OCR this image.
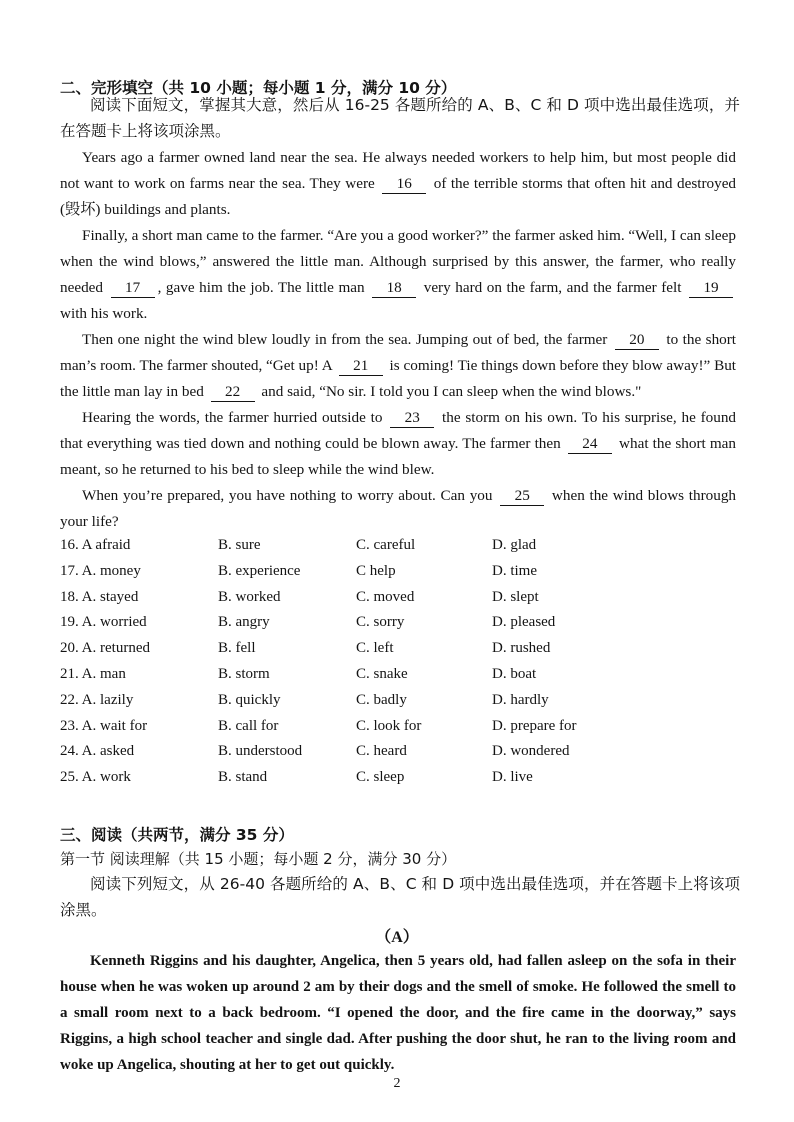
二、完形填空（共 10 小题；每小题 1 分，满分 10 分）
阅读下面短文，掌握其大意，然后从 16-25 各题所给的 A、B、C 和 D 项中选出最佳选项，并在答题卡上将该项涂黑。
Years ago a farmer owned land near the sea. He always needed workers to help him, but most people did not want to work on farms near the sea. They were 16 of the terrible storms that often hit and destroyed (毁坏) buildings and plants.
Finally, a short man came to the farmer. “Are you a good worker?” the farmer asked him. “Well, I can sleep when the wind blows,” answered the little man. Although surprised by this answer, the farmer, who really needed 17 , gave him the job. The little man 18 very hard on the farm, and the farmer felt 19 with his work.
Then one night the wind blew loudly in from the sea. Jumping out of bed, the farmer 20 to the short man’s room. The farmer shouted, “Get up! A 21 is coming! Tie things down before they blow away!” But the little man lay in bed 22 and said, “No sir. I told you I can sleep when the wind blows."
Hearing the words, the farmer hurried outside to 23 the storm on his own. To his surprise, he found that everything was tied down and nothing could be blown away. The farmer then 24 what the short man meant, so he returned to his bed to sleep while the wind blew.
When you’re prepared, you have nothing to worry about. Can you 25 when the wind blows through your life?
16. A afraid	B. sure	C. careful	D. glad
17. A. money	B. experience	C help	D. time
18. A. stayed	B. worked	C. moved	D. slept
19. A. worried	B. angry	C. sorry	D. pleased
20. A. returned	B. fell	C. left	D. rushed
21. A. man	B. storm	C. snake	D. boat
22. A. lazily	B. quickly	C. badly	D. hardly
23. A. wait for	B. call for	C. look for	D. prepare for
24. A. asked	B. understood	C. heard	D. wondered
25. A. work	B. stand	C. sleep	D. live
三、阅读（共两节，满分 35 分）
第一节 阅读理解（共 15 小题；每小题 2 分，满分 30 分）
阅读下列短文，从 26-40 各题所给的 A、B、C 和 D 项中选出最佳选项，并在答题卡上将该项涂黑。
（A）
Kenneth Riggins and his daughter, Angelica, then 5 years old, had fallen asleep on the sofa in their house when he was woken up around 2 am by their dogs and the smell of smoke. He followed the smell to a small room next to a back bedroom. “I opened the door, and the fire came in the doorway,” says Riggins, a high school teacher and single dad. After pushing the door shut, he ran to the living room and woke up Angelica, shouting at her to get out quickly.
2
